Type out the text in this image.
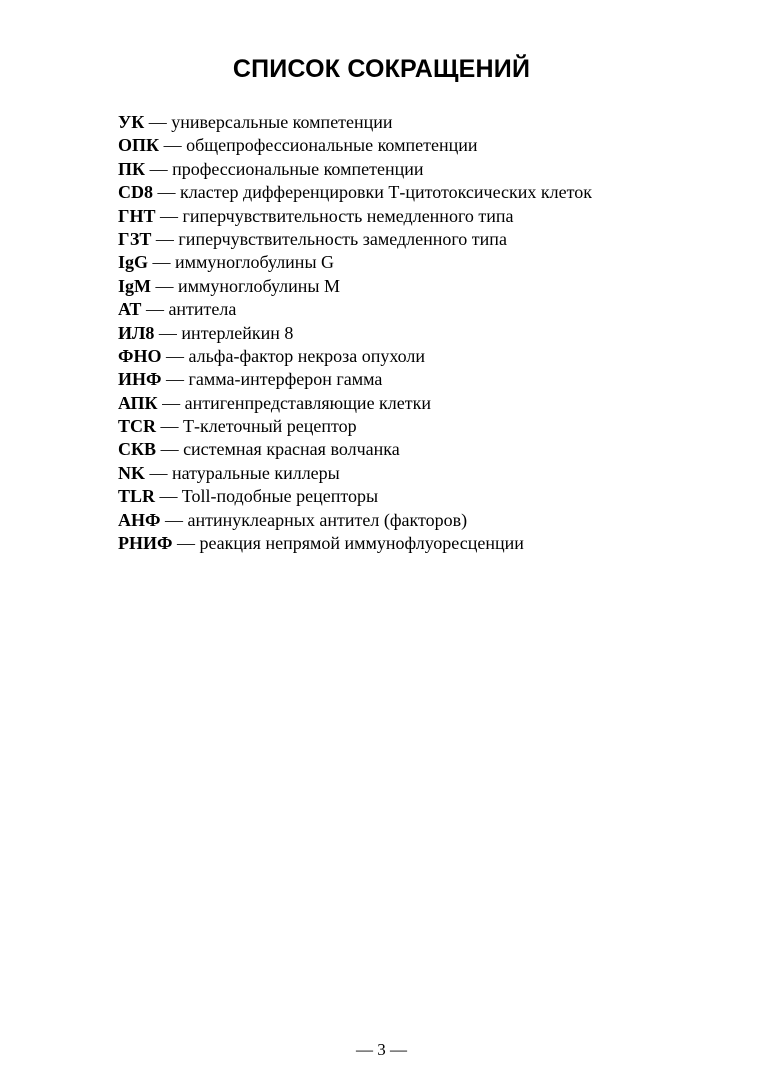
СПИСОК СОКРАЩЕНИЙ
УК — универсальные компетенции
ОПК — общепрофессиональные компетенции
ПК — профессиональные компетенции
CD8 — кластер дифференцировки Т-цитотоксических клеток
ГНТ — гиперчувствительность немедленного типа
ГЗТ — гиперчувствительность замедленного типа
IgG — иммуноглобулины G
IgM — иммуноглобулины M
АТ — антитела
ИЛ8 — интерлейкин 8
ФНО — альфа-фактор некроза опухоли
ИНФ — гамма-интерферон гамма
АПК — антигенпредставляющие клетки
TCR — Т-клеточный рецептор
СКВ — системная красная волчанка
NK — натуральные киллеры
TLR — Toll-подобные рецепторы
АНФ — антинуклеарных антител (факторов)
РНИФ — реакция непрямой иммунофлуоресценции
— 3 —
